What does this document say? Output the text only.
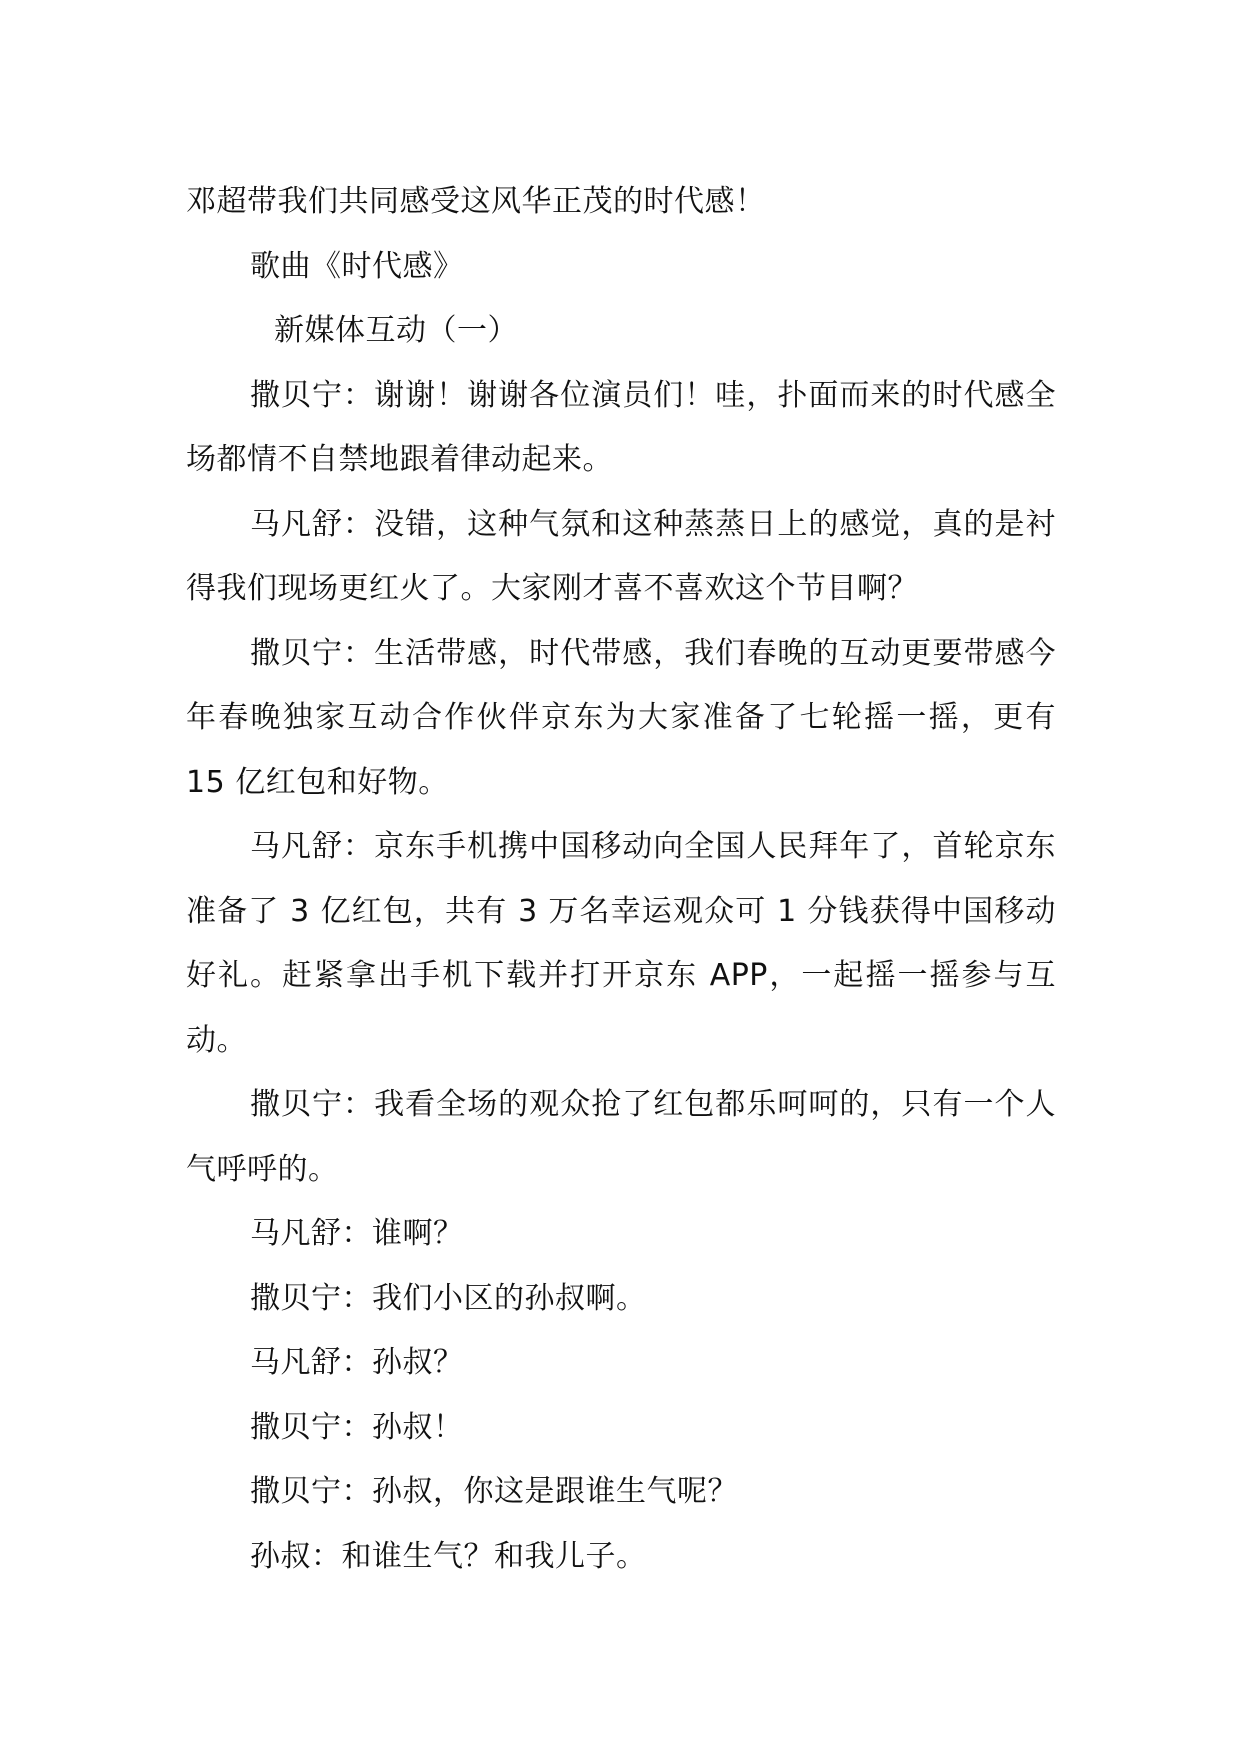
邓超带我们共同感受这风华正茂的时代感！

歌曲《时代感》

新媒体互动（一）

撒贝宁：谢谢！谢谢各位演员们！哇，扑面而来的时代感全场都情不自禁地跟着律动起来。

马凡舒：没错，这种气氛和这种蒸蒸日上的感觉，真的是衬得我们现场更红火了。大家刚才喜不喜欢这个节目啊？

撒贝宁：生活带感，时代带感，我们春晚的互动更要带感今年春晚独家互动合作伙伴京东为大家准备了七轮摇一摇，更有 15 亿红包和好物。

马凡舒：京东手机携中国移动向全国人民拜年了，首轮京东准备了 3 亿红包，共有 3 万名幸运观众可 1 分钱获得中国移动好礼。赶紧拿出手机下载并打开京东 APP，一起摇一摇参与互动。

撒贝宁：我看全场的观众抢了红包都乐呵呵的，只有一个人气呼呼的。

马凡舒：谁啊？

撒贝宁：我们小区的孙叔啊。

马凡舒：孙叔？

撒贝宁：孙叔！

撒贝宁：孙叔，你这是跟谁生气呢？

孙叔：和谁生气？和我儿子。
